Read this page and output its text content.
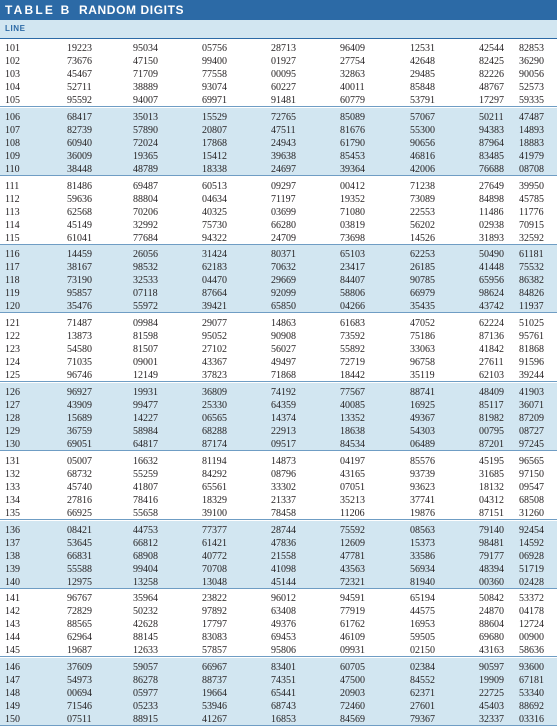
TABLE B RANDOM DIGITS
LINE
101	19223	95034	05756	28713	96409	12531	42544 82853
102	73676	47150	99400	01927	27754	42648	82425 36290
103	45467	71709	77558	00095	32863	29485	82226 90056
104	52711	38889	93074	60227	40011	85848	48767 52573
105	95592	94007	69971	91481	60779	53791	17297 59335
106	68417	35013	15529	72765	85089	57067	50211 47487
107	82739	57890	20807	47511	81676	55300	94383 14893
108	60940	72024	17868	24943	61790	90656	87964 18883
109	36009	19365	15412	39638	85453	46816	83485 41979
110	38448	48789	18338	24697	39364	42006	76688 08708
111	81486	69487	60513	09297	00412	71238	27649 39950
112	59636	88804	04634	71197	19352	73089	84898 45785
113	62568	70206	40325	03699	71080	22553	11486 11776
114	45149	32992	75730	66280	03819	56202	02938 70915
115	61041	77684	94322	24709	73698	14526	31893 32592
116	14459	26056	31424	80371	65103	62253	50490 61181
117	38167	98532	62183	70632	23417	26185	41448 75532
118	73190	32533	04470	29669	84407	90785	65956 86382
119	95857	07118	87664	92099	58806	66979	98624 84826
120	35476	55972	39421	65850	04266	35435	43742 11937
121	71487	09984	29077	14863	61683	47052	62224 51025
122	13873	81598	95052	90908	73592	75186	87136 95761
123	54580	81507	27102	56027	55892	33063	41842 81868
124	71035	09001	43367	49497	72719	96758	27611 91596
125	96746	12149	37823	71868	18442	35119	62103 39244
126	96927	19931	36809	74192	77567	88741	48409 41903
127	43909	99477	25330	64359	40085	16925	85117 36071
128	15689	14227	06565	14374	13352	49367	81982 87209
129	36759	58984	68288	22913	18638	54303	00795 08727
130	69051	64817	87174	09517	84534	06489	87201 97245
131	05007	16632	81194	14873	04197	85576	45195 96565
132	68732	55259	84292	08796	43165	93739	31685 97150
133	45740	41807	65561	33302	07051	93623	18132 09547
134	27816	78416	18329	21337	35213	37741	04312 68508
135	66925	55658	39100	78458	11206	19876	87151 31260
136	08421	44753	77377	28744	75592	08563	79140 92454
137	53645	66812	61421	47836	12609	15373	98481 14592
138	66831	68908	40772	21558	47781	33586	79177 06928
139	55588	99404	70708	41098	43563	56934	48394 51719
140	12975	13258	13048	45144	72321	81940	00360 02428
141	96767	35964	23822	96012	94591	65194	50842 53372
142	72829	50232	97892	63408	77919	44575	24870 04178
143	88565	42628	17797	49376	61762	16953	88604 12724
144	62964	88145	83083	69453	46109	59505	69680 00900
145	19687	12633	57857	95806	09931	02150	43163 58636
146	37609	59057	66967	83401	60705	02384	90597 93600
147	54973	86278	88737	74351	47500	84552	19909 67181
148	00694	05977	19664	65441	20903	62371	22725 53340
149	71546	05233	53946	68743	72460	27601	45403 88692
150	07511	88915	41267	16853	84569	79367	32337 03316
